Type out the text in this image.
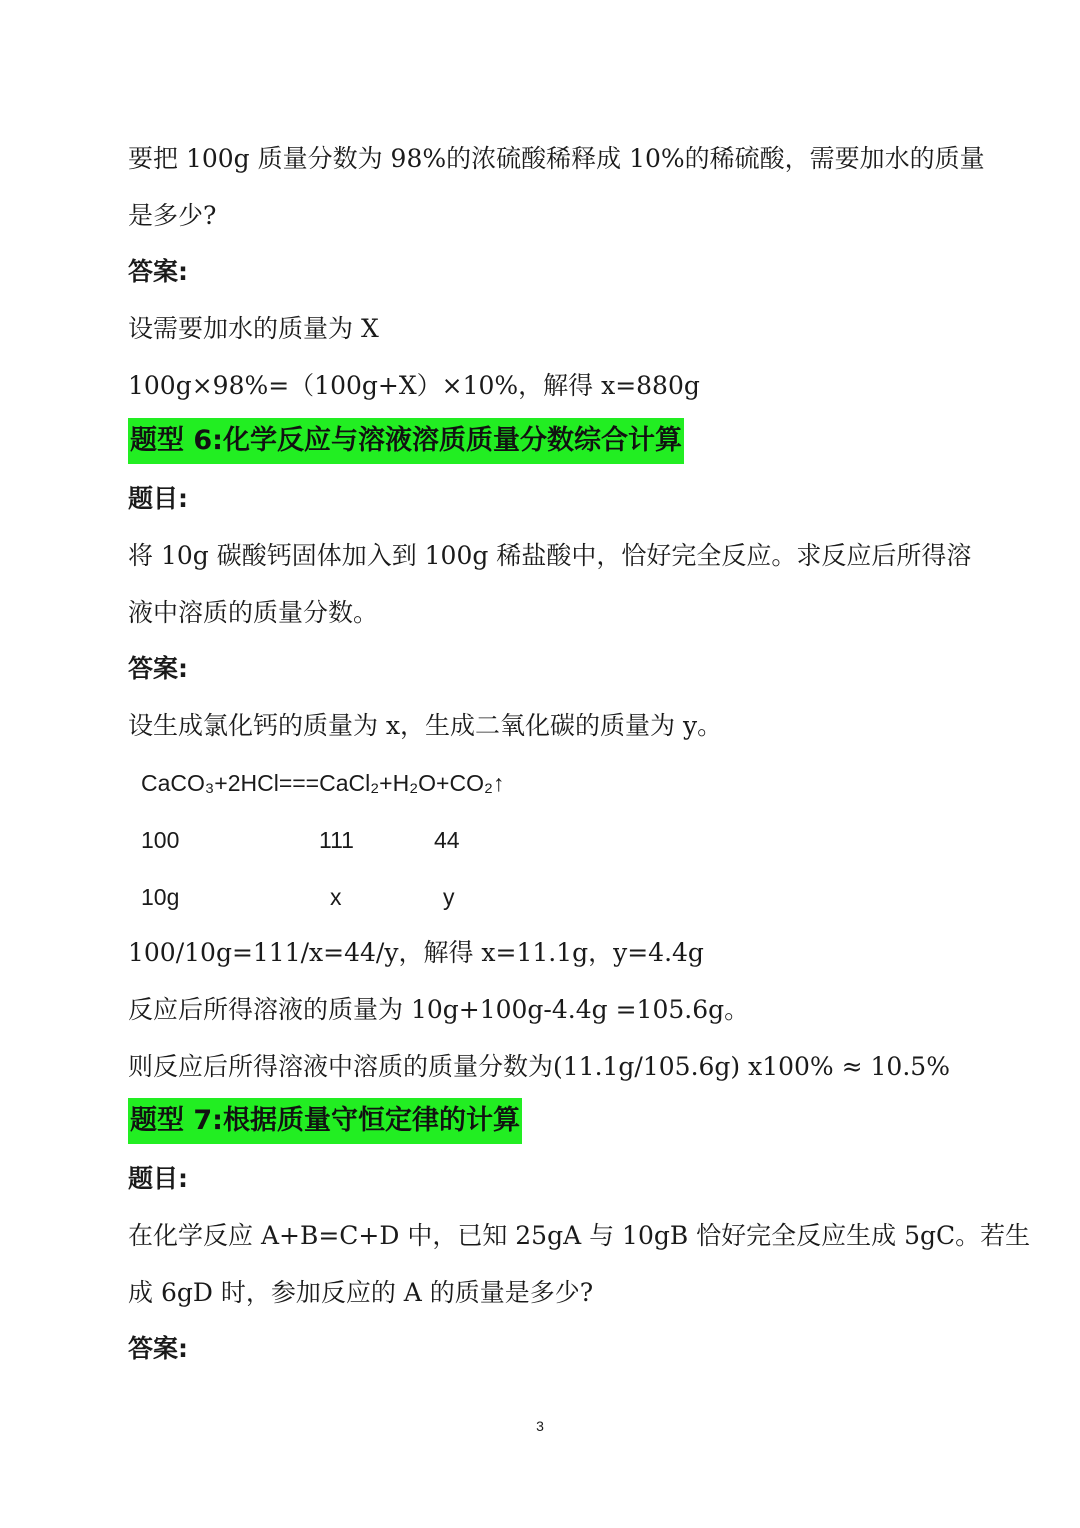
要把 100g 质量分数为 98%的浓硫酸稀释成 10%的稀硫酸，需要加水的质量
是多少?
答案:
设需要加水的质量为 X
100g×98%=（100g+X）×10%，解得 x=880g
题型 6:化学反应与溶液溶质质量分数综合计算
题目:
将 10g 碳酸钙固体加入到 100g 稀盐酸中，恰好完全反应。求反应后所得溶
液中溶质的质量分数。
答案:
设生成氯化钙的质量为 x，生成二氧化碳的质量为 y。
CaCO₃+2HCl===CaCl₂+H₂O+CO₂↑
100	111	44
10g	x	y
100/10g=111/x=44/y，解得 x=11.1g，y=4.4g
反应后所得溶液的质量为 10g+100g-4.4g =105.6g。
则反应后所得溶液中溶质的质量分数为(11.1g/105.6g) x100% ≈ 10.5%
题型 7:根据质量守恒定律的计算
题目:
在化学反应 A+B=C+D 中，已知 25gA 与 10gB 恰好完全反应生成 5gC。若生
成 6gD 时，参加反应的 A 的质量是多少?
答案:
3
